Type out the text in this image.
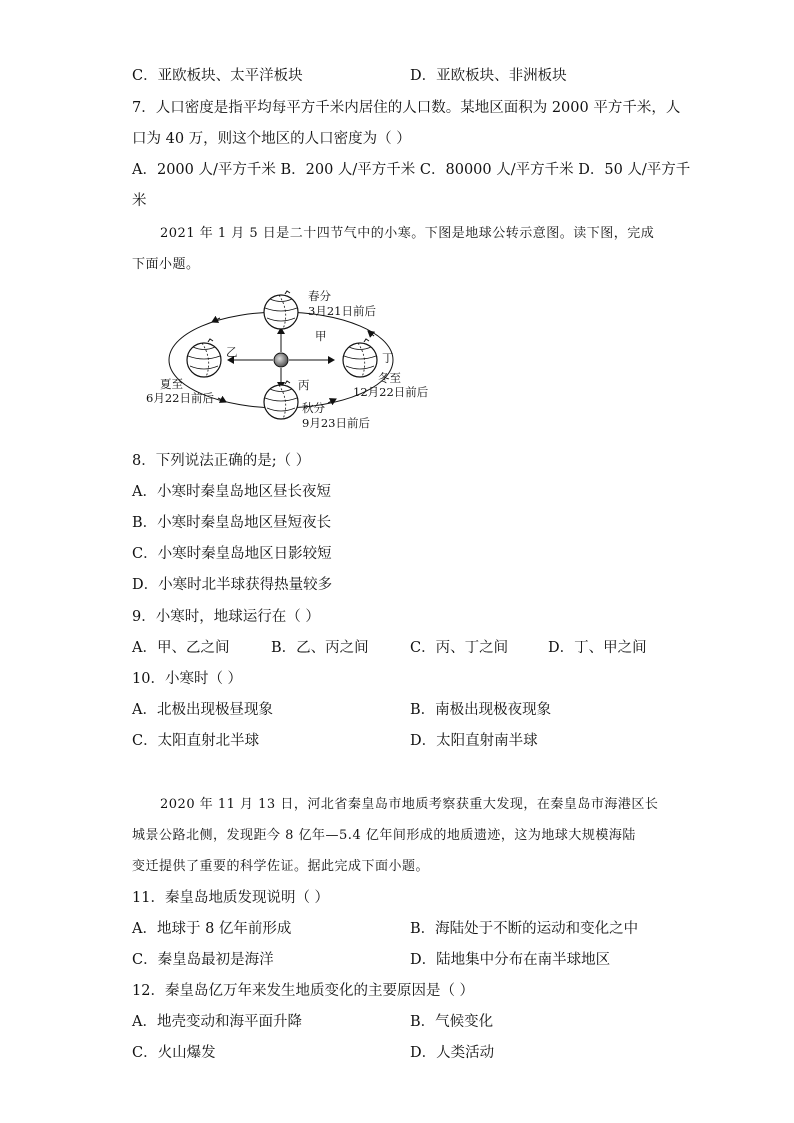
C．亚欧板块、太平洋板块	D．亚欧板块、非洲板块
7．人口密度是指平均每平方千米内居住的人口数。某地区面积为 2000 平方千米，人
口为 40 万，则这个地区的人口密度为（ ）
A．2000 人/平方千米 B．200 人/平方千米 C．80000 人/平方千米 D．50 人/平方千
米
2021 年 1 月 5 日是二十四节气中的小寒。下图是地球公转示意图。读下图，完成
下面小题。
春分
3月21日前后
甲
乙	丁
夏至
6月22日前后
冬至
12月22日前后
丙
秋分
9月23日前后
8．下列说法正确的是;（ ）
A．小寒时秦皇岛地区昼长夜短
B．小寒时秦皇岛地区昼短夜长
C．小寒时秦皇岛地区日影较短
D．小寒时北半球获得热量较多
9．小寒时，地球运行在（ ）
A．甲、乙之间	B．乙、丙之间	C．丙、丁之间	D．丁、甲之间
10．小寒时（ ）
A．北极出现极昼现象	B．南极出现极夜现象
C．太阳直射北半球	D．太阳直射南半球
2020 年 11 月 13 日，河北省秦皇岛市地质考察获重大发现，在秦皇岛市海港区长
城景公路北侧，发现距今 8 亿年—5.4 亿年间形成的地质遗迹，这为地球大规模海陆
变迁提供了重要的科学佐证。据此完成下面小题。
11．秦皇岛地质发现说明（ ）
A．地球于 8 亿年前形成	B．海陆处于不断的运动和变化之中
C．秦皇岛最初是海洋	D．陆地集中分布在南半球地区
12．秦皇岛亿万年来发生地质变化的主要原因是（ ）
A．地壳变动和海平面升降	B．气候变化
C．火山爆发	D．人类活动
